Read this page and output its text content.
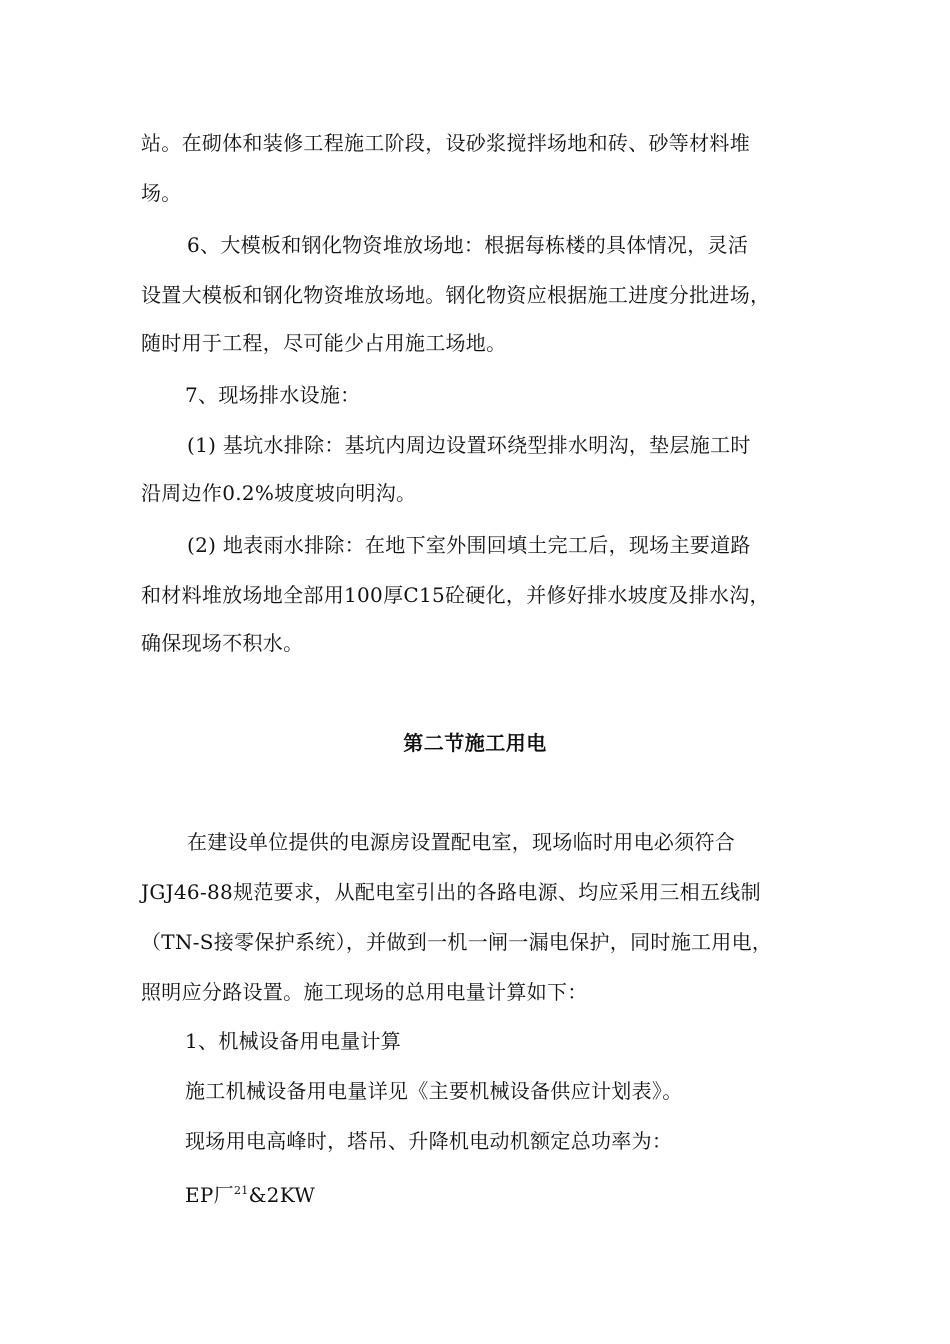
站。在砌体和装修工程施工阶段，设砂浆搅拌场地和砖、砂等材料堆
场。
6、大模板和钢化物资堆放场地：根据每栋楼的具体情况，灵活
设置大模板和钢化物资堆放场地。钢化物资应根据施工进度分批进场，
随时用于工程，尽可能少占用施工场地。
7、现场排水设施：
(1) 基坑水排除：基坑内周边设置环绕型排水明沟，垫层施工时
沿周边作0.2%坡度坡向明沟。
(2) 地表雨水排除：在地下室外围回填土完工后，现场主要道路
和材料堆放场地全部用100厚C15砼硬化，并修好排水坡度及排水沟，
确保现场不积水。
第二节施工用电
在建设单位提供的电源房设置配电室，现场临时用电必须符合
JGJ46-88规范要求，从配电室引出的各路电源、均应采用三相五线制
（TN-S接零保护系统），并做到一机一闸一漏电保护，同时施工用电，
照明应分路设置。施工现场的总用电量计算如下：
1、机械设备用电量计算
施工机械设备用电量详见《主要机械设备供应计划表》。
现场用电高峰时，塔吊、升降机电动机额定总功率为：
EP厂$^{21}$&2KW
